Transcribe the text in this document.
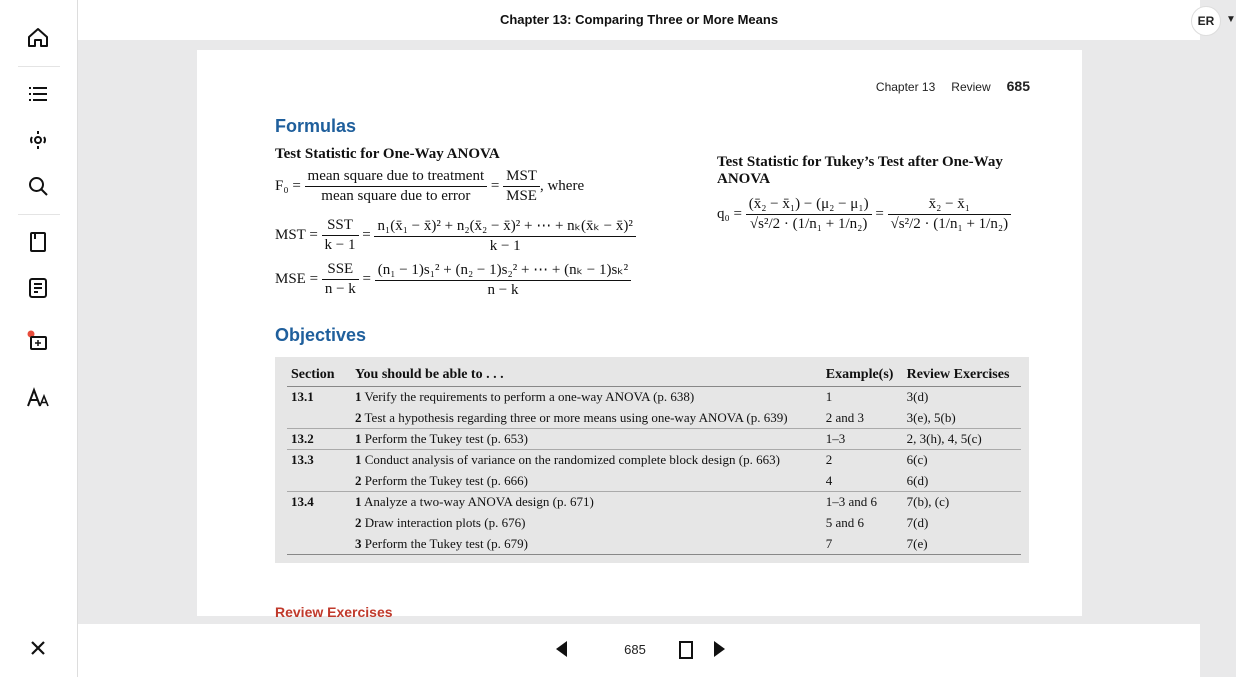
Chapter 13: Comparing Three or More Means	ER	▼
Chapter 13 Review 685
Formulas
Test Statistic for One-Way ANOVA
$F_0 = \frac{\text{mean square due to treatment}}{\text{mean square due to error}} = \frac{\text{MST}}{\text{MSE}}$ , where
MST = $\frac{\text{SST}}{k - 1} = \frac{\text{n₁(x̄₁ − x̄)² + n₂(x̄₂ − x̄)² + ⋯ + nₖ(x̄ₖ − x̄)²}}{k - 1}$
MSE = $\frac{\text{SSE}}{n - k} = \frac{\text{(n₁ − 1)s₁² + (n₂ − 1)s₂² + ⋯ + (nₖ − 1)sₖ²}}{n - k}$
Test Statistic for Tukey’s Test after One-Way
ANOVA
$q_0 = \frac{\text{(x̄₂ − x̄₁) − (μ₂ − μ₁)}}{\text{√s²/2 · (1/n₁ + 1/n₂)}} = \frac{\text{x̄₂ − x̄₁}}{\text{√s²/2 · (1/n₁ + 1/n₂)}}$
Objectives
Section	You should be able to . . .	Example(s)	Review Exercises
13.1	1 Verify the requirements to perform a one-way ANOVA (p. 638)	1	3(d)
	2 Test a hypothesis regarding three or more means using one-way ANOVA (p. 639)	2 and 3	3(e), 5(b)
13.2	1 Perform the Tukey test (p. 653)	1–3	2, 3(h), 4, 5(c)
13.3	1 Conduct analysis of variance on the randomized complete block design (p. 663)	2	6(c)
	2 Perform the Tukey test (p. 666)	4	6(d)
13.4	1 Analyze a two-way ANOVA design (p. 671)	1–3 and 6	7(b), (c)
	2 Draw interaction plots (p. 676)	5 and 6	7(d)
	3 Perform the Tukey test (p. 679)	7	7(e)
Review Exercises
685
